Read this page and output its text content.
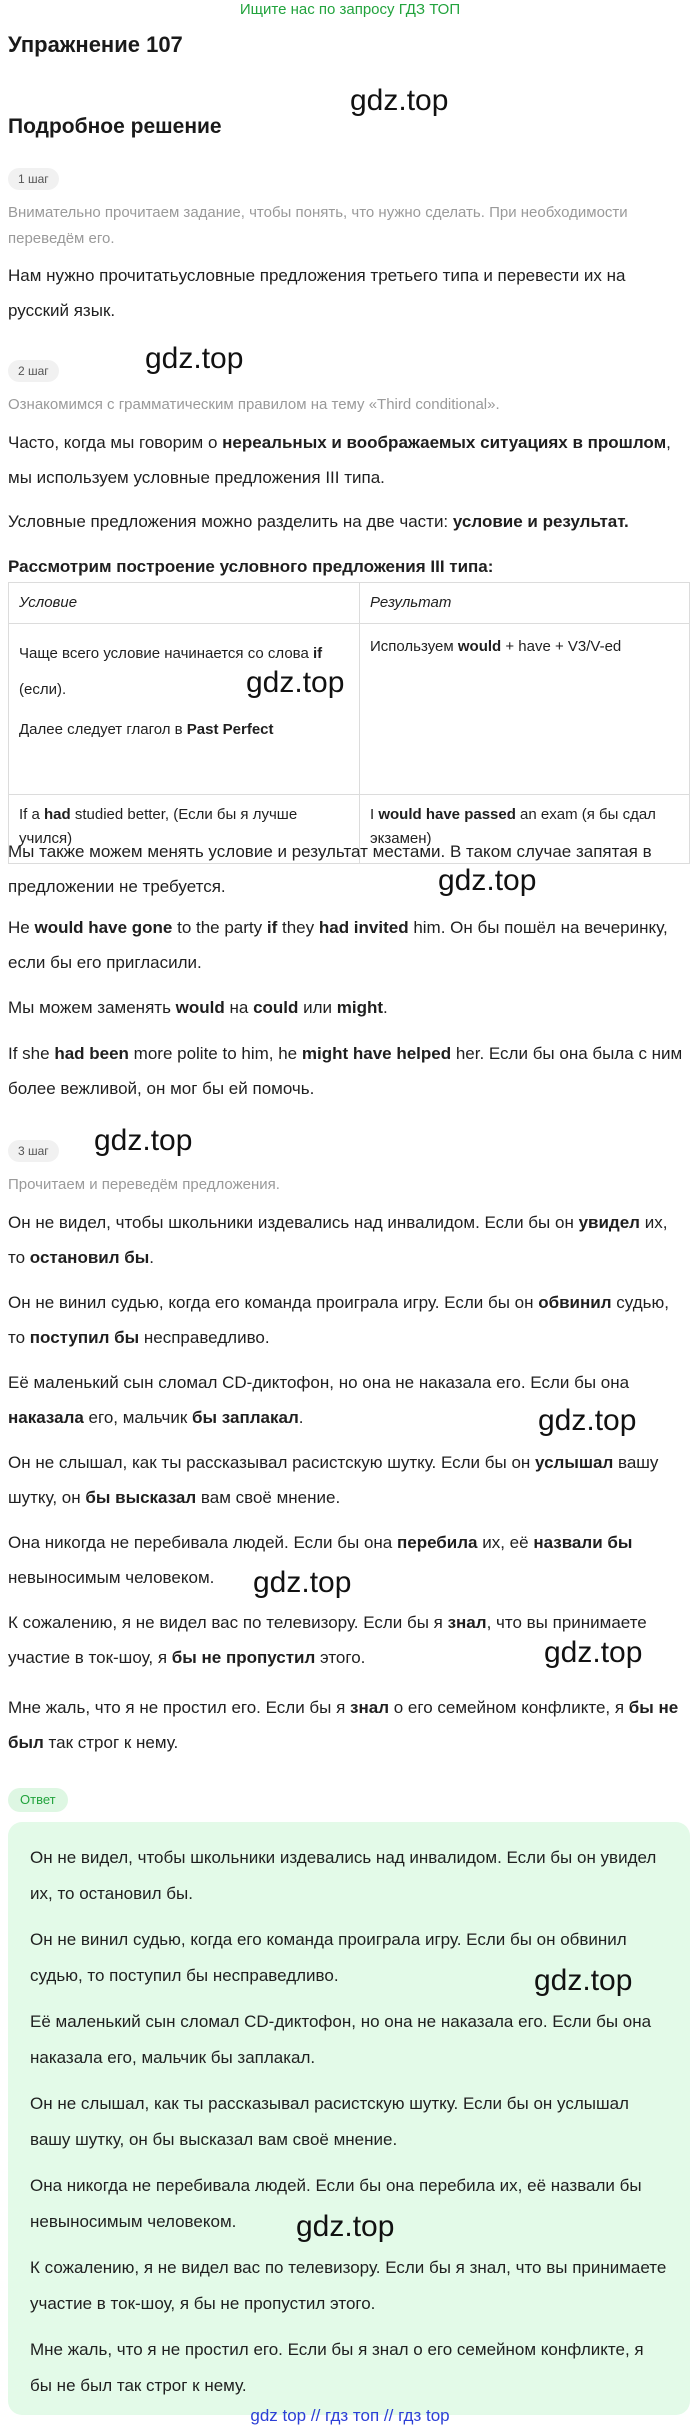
Ищите нас по запросу ГДЗ ТОП
Упражнение 107
gdz.top
Подробное решение
1 шаг
Внимательно прочитаем задание, чтобы понять, что нужно сделать. При необходимости переведём его.
Нам нужно прочитатьусловные предложения третьего типа и перевести их на русский язык.
gdz.top
2 шаг
Ознакомимся с грамматическим правилом на тему «Third conditional».
Часто, когда мы говорим о нереальных и воображаемых ситуациях в прошлом, мы используем условные предложения III типа.
Условные предложения можно разделить на две части: условие и результат.
Рассмотрим построение условного предложения III типа:
Условие	Результат

Чаще всего условие начинается со слова if (если).
Далее следует глагол в Past Perfect	Используем would + have + V3/V-ed
If a had studied better, (Если бы я лучше учился)	I would have passed an exam (я бы сдал экзамен)
gdz.top
Мы также можем менять условие и результат местами. В таком случае запятая в предложении не требуется.	gdz.top
He would have gone to the party if they had invited him. Он бы пошёл на вечеринку, если бы его пригласили.
Мы можем заменять would на could или might.
If she had been more polite to him, he might have helped her. Если бы она была с ним более вежливой, он мог бы ей помочь.
3 шаг	gdz.top
Прочитаем и переведём предложения.
Он не видел, чтобы школьники издевались над инвалидом. Если бы он увидел их, то остановил бы.
Он не винил судью, когда его команда проиграла игру. Если бы он обвинил судью, то поступил бы несправедливо.
Её маленький сын сломал CD-диктофон, но она не наказала его. Если бы она наказала его, мальчик бы заплакал.	gdz.top
Он не слышал, как ты рассказывал расистскую шутку. Если бы он услышал вашу шутку, он бы высказал вам своё мнение.
Она никогда не перебивала людей. Если бы она перебила их, её назвали бы невыносимым человеком.	gdz.top
К сожалению, я не видел вас по телевизору. Если бы я знал, что вы принимаете участие в ток-шоу, я бы не пропустил этого.	gdz.top
Мне жаль, что я не простил его. Если бы я знал о его семейном конфликте, я бы не был так строг к нему.
Ответ
Он не видел, чтобы школьники издевались над инвалидом. Если бы он увидел их, то остановил бы.
Он не винил судью, когда его команда проиграла игру. Если бы он обвинил судью, то поступил бы несправедливо.	gdz.top
Её маленький сын сломал CD-диктофон, но она не наказала его. Если бы она наказала его, мальчик бы заплакал.
Он не слышал, как ты рассказывал расистскую шутку. Если бы он услышал вашу шутку, он бы высказал вам своё мнение.
Она никогда не перебивала людей. Если бы она перебила их, её назвали бы невыносимым человеком.	gdz.top
К сожалению, я не видел вас по телевизору. Если бы я знал, что вы принимаете участие в ток-шоу, я бы не пропустил этого.
Мне жаль, что я не простил его. Если бы я знал о его семейном конфликте, я бы не был так строг к нему.
gdz top // гдз топ // гдз top
